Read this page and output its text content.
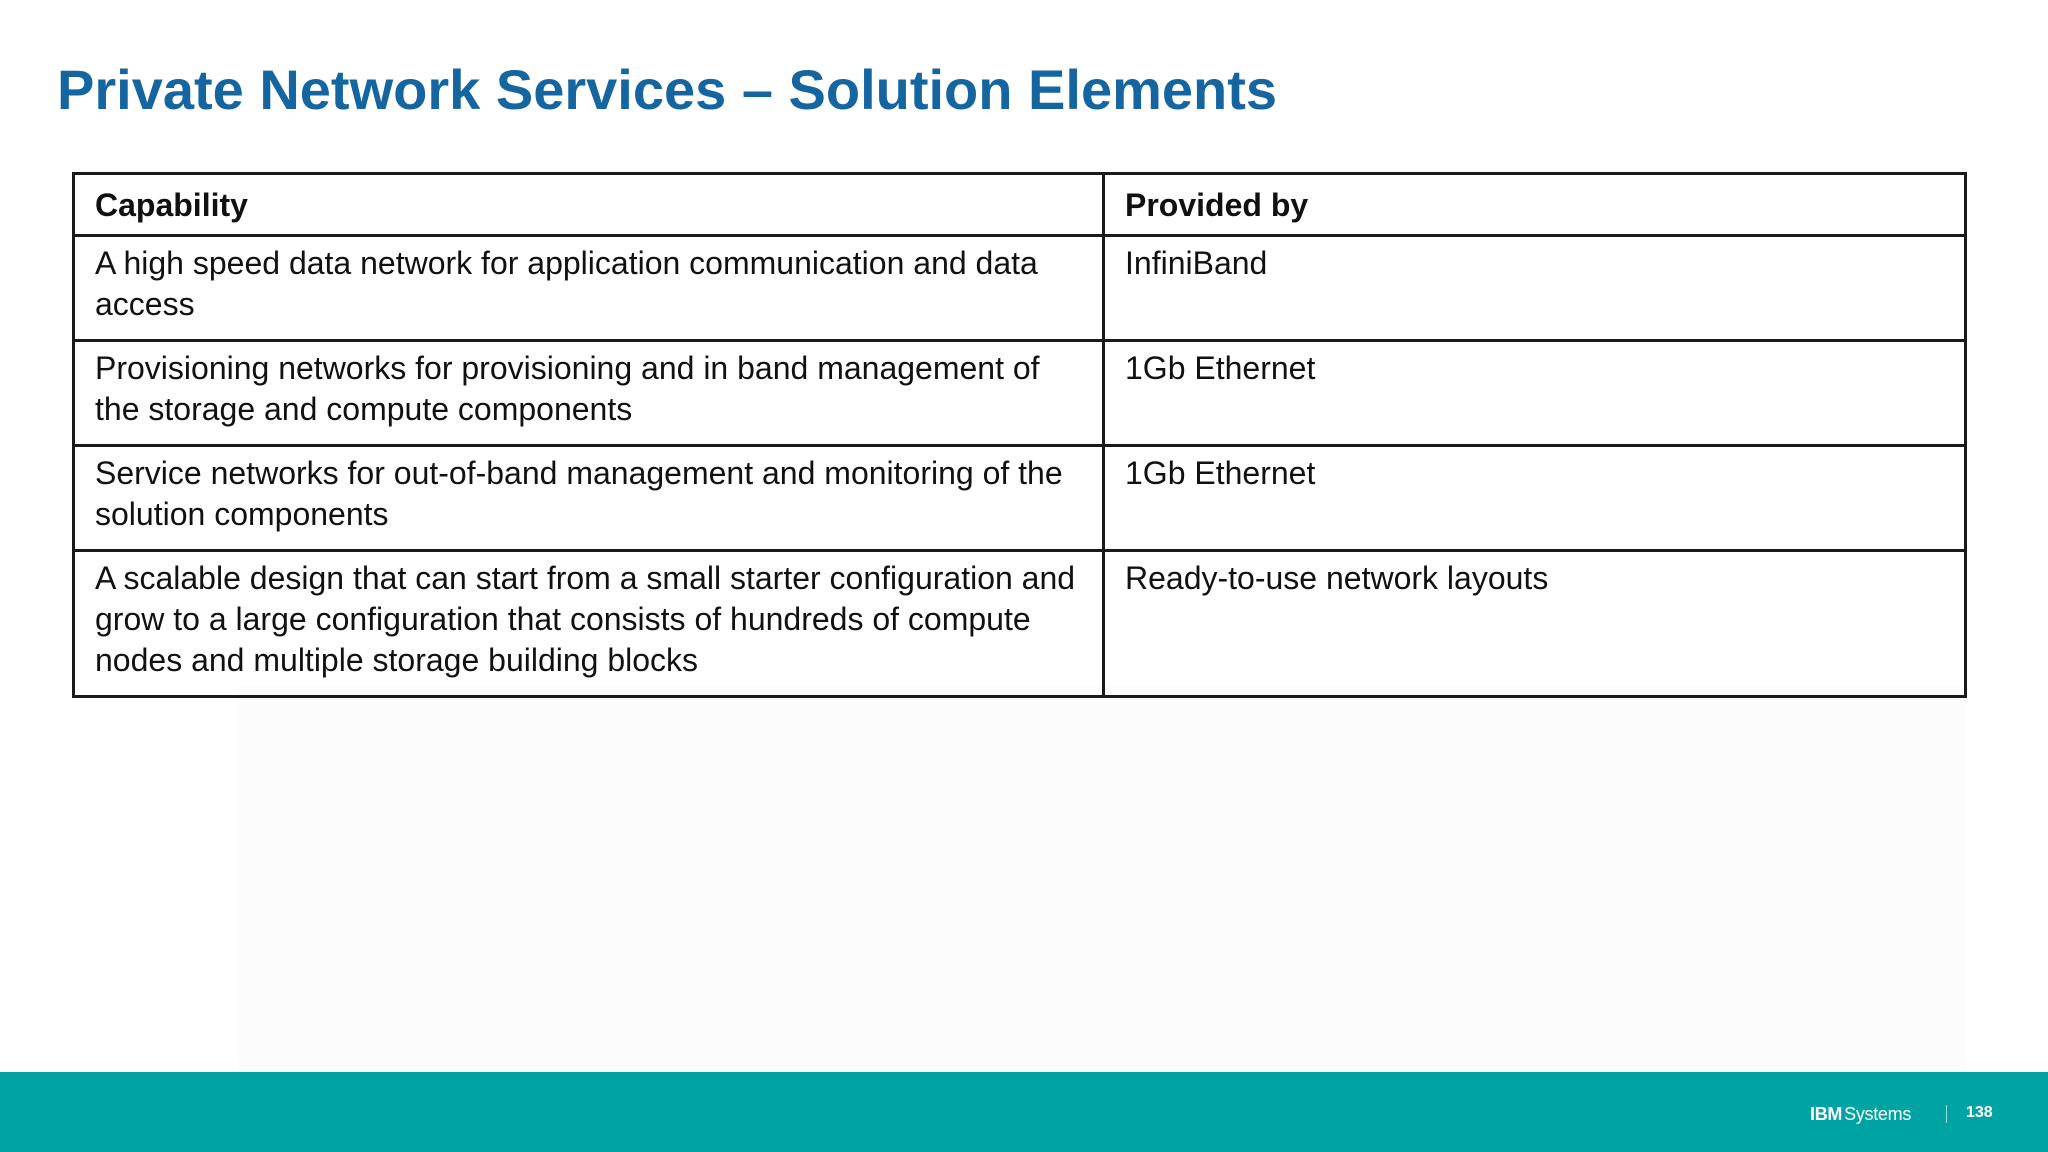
Private Network Services – Solution Elements
Capability	Provided by
A high speed data network for application communication and data access	InfiniBand
Provisioning networks for provisioning and in band management of the storage and compute components	1Gb Ethernet
Service networks for out-of-band management and monitoring of the solution components	1Gb Ethernet
A scalable design that can start from a small starter configuration and grow to a large configuration that consists of hundreds of compute nodes and multiple storage building blocks	Ready-to-use network layouts
IBM Systems	138
